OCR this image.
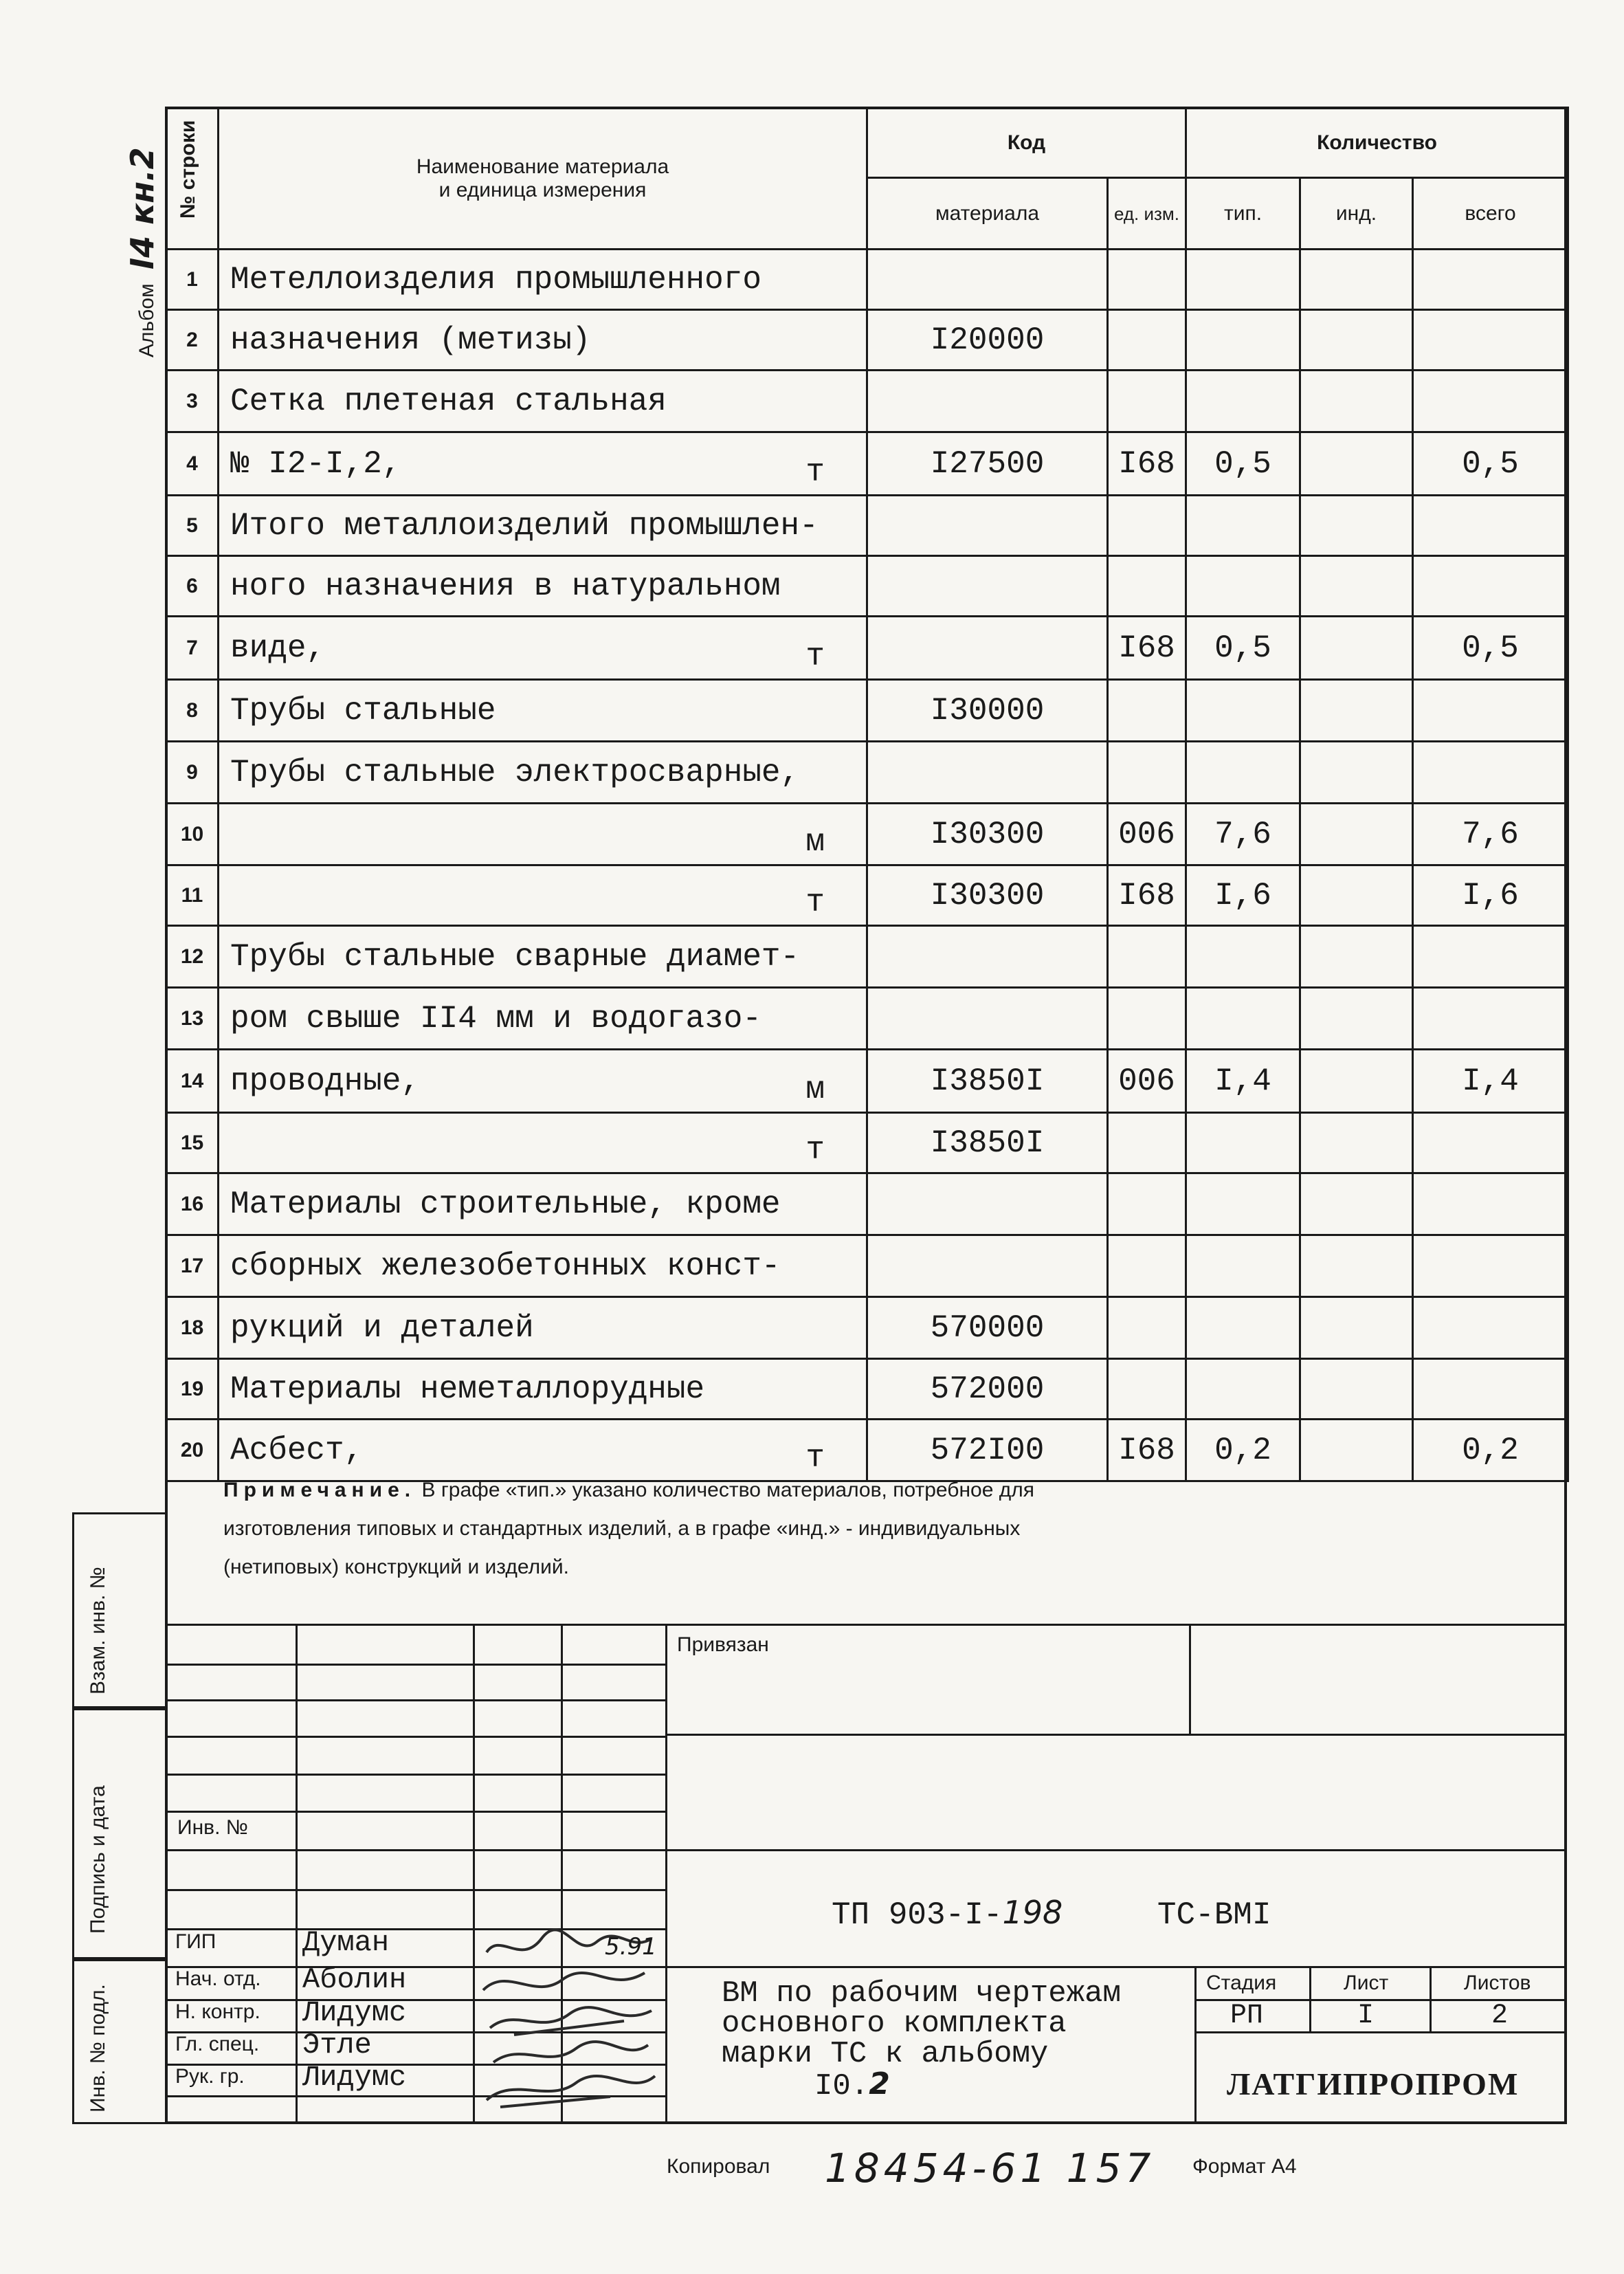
Альбом I4 кн.2 № строки	Наименование материала
и единица измерения	Код		Количество		
		материала	ед. изм.	тип.	инд.	всего
1	Метеллоизделия промышленного

2	назначения (метизы)	I20000				
3	Сетка плетеная стальная

4	№ I2-I,2, т	I27500	I68	0,5		0,5
5	Итого металлоизделий промышлен-

6	ного назначения в натуральном

7	виде, т		I68	0,5		0,5
8	Трубы стальные	I30000				
9	Трубы стальные электросварные,

10	м	I30300	006	7,6		7,6
11	т	I30300	I68	I,6		I,6
12	Трубы стальные сварные диамет-

13	ром свыше II4 мм и водогазо-

14	проводные, м	I3850I	006	I,4		I,4
15	т	I3850I				
16	Материалы строительные, кроме

17	сборных железобетонных конст-

18	рукций и деталей	570000				
19	Материалы неметаллорудные	572000				
20	Асбест, т	572I00	I68	0,2		0,2
Примечание. В графе «тип.» указано количество материалов, потребное для
изготовления типовых и стандартных изделий, а в графе «инд.» - индивидуальных
(нетиповых) конструкций и изделий.
Взам. инв. №
Подпись и дата
Инв. № подл.
Привязан
Инв. №
ТП 903-I-198	ТС-ВМI
ГИП	Думан
Нач. отд. Аболин
Н. контр. Лидумс
Гл. спец. Этле
Рук. гр. Лидумс
5.91
ВМ по рабочим чертежам
основного комплекта
марки ТС к альбому
I0.2
Стадия	Лист	Листов
РП	I	2
ЛАТГИПРОПРОМ
Копировал 18454-61 157 Формат А4
